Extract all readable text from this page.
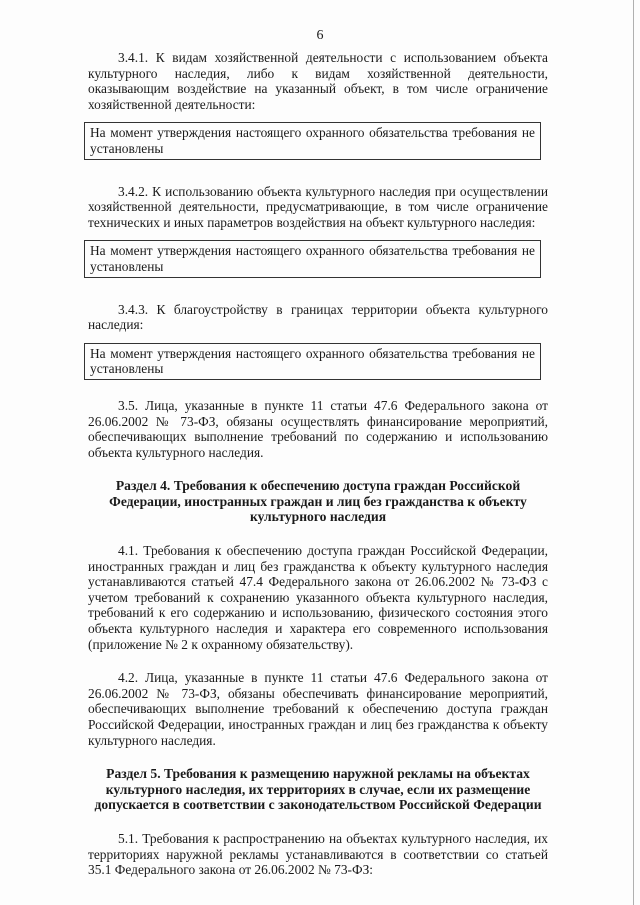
6

3.4.1. К видам хозяйственной деятельности с использованием объекта культурного наследия, либо к видам хозяйственной деятельности, оказывающим воздействие на указанный объект, в том числе ограничение хозяйственной деятельности:

На момент утверждения настоящего охранного обязательства требования не установлены

3.4.2. К использованию объекта культурного наследия при осуществлении хозяйственной деятельности, предусматривающие, в том числе ограничение технических и иных параметров воздействия на объект культурного наследия:

На момент утверждения настоящего охранного обязательства требования не установлены

3.4.3. К благоустройству в границах территории объекта культурного наследия:

На момент утверждения настоящего охранного обязательства требования не установлены

3.5. Лица, указанные в пункте 11 статьи 47.6 Федерального закона от 26.06.2002 № 73-ФЗ, обязаны осуществлять финансирование мероприятий, обеспечивающих выполнение требований по содержанию и использованию объекта культурного наследия.

Раздел 4. Требования к обеспечению доступа граждан Российской Федерации, иностранных граждан и лиц без гражданства к объекту культурного наследия

4.1. Требования к обеспечению доступа граждан Российской Федерации, иностранных граждан и лиц без гражданства к объекту культурного наследия устанавливаются статьей 47.4 Федерального закона от 26.06.2002 № 73-ФЗ с учетом требований к сохранению указанного объекта культурного наследия, требований к его содержанию и использованию, физического состояния этого объекта культурного наследия и характера его современного использования (приложение № 2 к охранному обязательству).

4.2. Лица, указанные в пункте 11 статьи 47.6 Федерального закона от 26.06.2002 № 73-ФЗ, обязаны обеспечивать финансирование мероприятий, обеспечивающих выполнение требований к обеспечению доступа граждан Российской Федерации, иностранных граждан и лиц без гражданства к объекту культурного наследия.

Раздел 5. Требования к размещению наружной рекламы на объектах культурного наследия, их территориях в случае, если их размещение допускается в соответствии с законодательством Российской Федерации

5.1. Требования к распространению на объектах культурного наследия, их территориях наружной рекламы устанавливаются в соответствии со статьей 35.1 Федерального закона от 26.06.2002 № 73-ФЗ:
